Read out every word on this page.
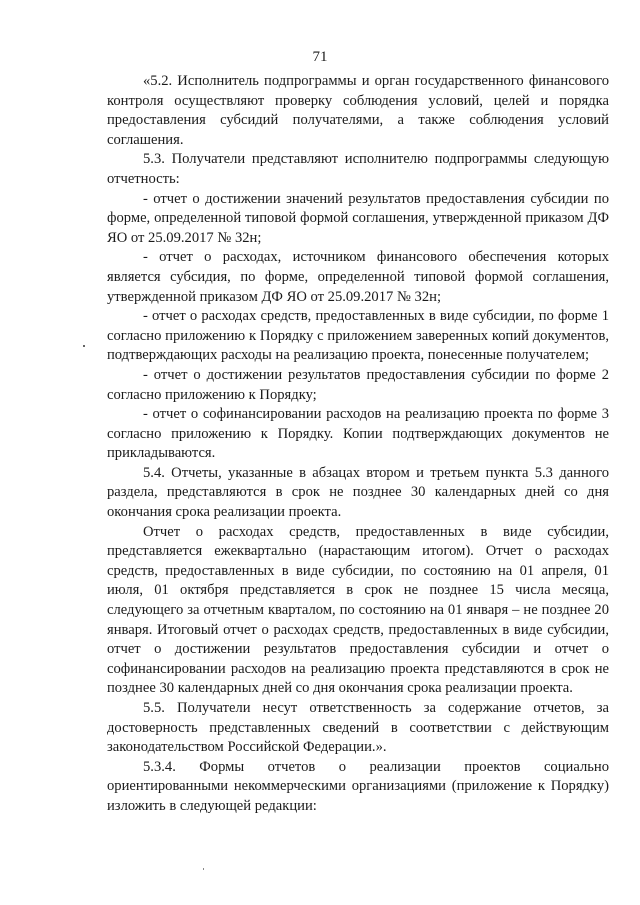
71

«5.2. Исполнитель подпрограммы и орган государственного финансового контроля осуществляют проверку соблюдения условий, целей и порядка предоставления субсидий получателями, а также соблюдения условий соглашения.

5.3. Получатели представляют исполнителю подпрограммы следующую отчетность:

- отчет о достижении значений результатов предоставления субсидии по форме, определенной типовой формой соглашения, утвержденной приказом ДФ ЯО от 25.09.2017 № 32н;

- отчет о расходах, источником финансового обеспечения которых является субсидия, по форме, определенной типовой формой соглашения, утвержденной приказом ДФ ЯО от 25.09.2017 № 32н;

- отчет о расходах средств, предоставленных в виде субсидии, по форме 1 согласно приложению к Порядку с приложением заверенных копий документов, подтверждающих расходы на реализацию проекта, понесенные получателем;

- отчет о достижении результатов предоставления субсидии по форме 2 согласно приложению к Порядку;

- отчет о софинансировании расходов на реализацию проекта по форме 3 согласно приложению к Порядку. Копии подтверждающих документов не прикладываются.

5.4. Отчеты, указанные в абзацах втором и третьем пункта 5.3 данного раздела, представляются в срок не позднее 30 календарных дней со дня окончания срока реализации проекта.

Отчет о расходах средств, предоставленных в виде субсидии, представляется ежеквартально (нарастающим итогом). Отчет о расходах средств, предоставленных в виде субсидии, по состоянию на 01 апреля, 01 июля, 01 октября представляется в срок не позднее 15 числа месяца, следующего за отчетным кварталом, по состоянию на 01 января – не позднее 20 января. Итоговый отчет о расходах средств, предоставленных в виде субсидии, отчет о достижении результатов предоставления субсидии и отчет о софинансировании расходов на реализацию проекта представляются в срок не позднее 30 календарных дней со дня окончания срока реализации проекта.

5.5. Получатели несут ответственность за содержание отчетов, за достоверность представленных сведений в соответствии с действующим законодательством Российской Федерации.».

5.3.4. Формы отчетов о реализации проектов социально ориентированными некоммерческими организациями (приложение к Порядку) изложить в следующей редакции:
